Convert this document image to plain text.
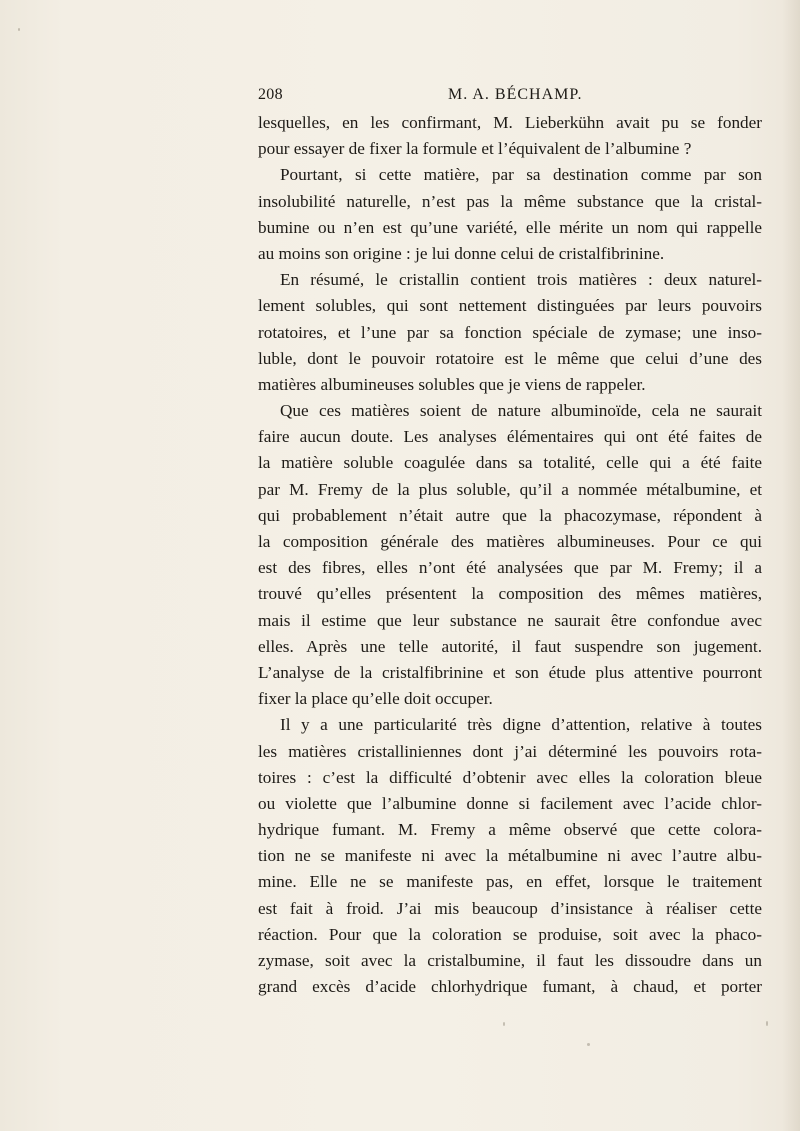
208	M. A. BÉCHAMP.
lesquelles, en les confirmant, M. Lieberkühn avait pu se fonder
pour essayer de fixer la formule et l’équivalent de l’albumine ?
Pourtant, si cette matière, par sa destination comme par son
insolubilité naturelle, n’est pas la même substance que la cristal-
bumine ou n’en est qu’une variété, elle mérite un nom qui rappelle
au moins son origine : je lui donne celui de cristalfibrinine.
En résumé, le cristallin contient trois matières : deux naturel-
lement solubles, qui sont nettement distinguées par leurs pouvoirs
rotatoires, et l’une par sa fonction spéciale de zymase; une inso-
luble, dont le pouvoir rotatoire est le même que celui d’une des
matières albumineuses solubles que je viens de rappeler.
Que ces matières soient de nature albuminoïde, cela ne saurait
faire aucun doute. Les analyses élémentaires qui ont été faites de
la matière soluble coagulée dans sa totalité, celle qui a été faite
par M. Fremy de la plus soluble, qu’il a nommée métalbumine, et
qui probablement n’était autre que la phacozymase, répondent à
la composition générale des matières albumineuses. Pour ce qui
est des fibres, elles n’ont été analysées que par M. Fremy; il a
trouvé qu’elles présentent la composition des mêmes matières,
mais il estime que leur substance ne saurait être confondue avec
elles. Après une telle autorité, il faut suspendre son jugement.
L’analyse de la cristalfibrinine et son étude plus attentive pourront
fixer la place qu’elle doit occuper.
Il y a une particularité très digne d’attention, relative à toutes
les matières cristalliniennes dont j’ai déterminé les pouvoirs rota-
toires : c’est la difficulté d’obtenir avec elles la coloration bleue
ou violette que l’albumine donne si facilement avec l’acide chlor-
hydrique fumant. M. Fremy a même observé que cette colora-
tion ne se manifeste ni avec la métalbumine ni avec l’autre albu-
mine. Elle ne se manifeste pas, en effet, lorsque le traitement
est fait à froid. J’ai mis beaucoup d’insistance à réaliser cette
réaction. Pour que la coloration se produise, soit avec la phaco-
zymase, soit avec la cristalbumine, il faut les dissoudre dans un
grand excès d’acide chlorhydrique fumant, à chaud, et porter
